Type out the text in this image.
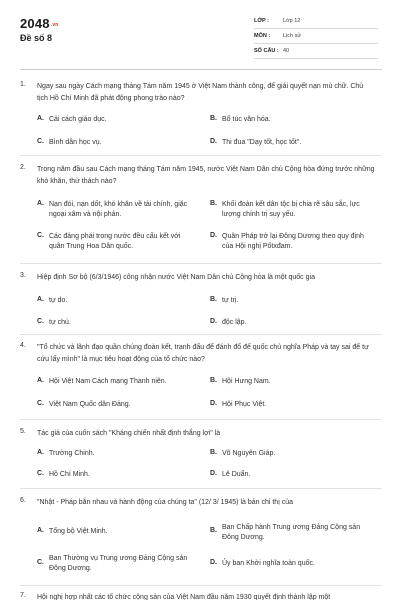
2048.vn
Đề số 8
LỚP :	Lớp 12
MÔN : Lịch sử
SỐ CÂU : 40
1. Ngay sau ngày Cách mạng tháng Tám năm 1945 ở Việt Nam thành công, để giải quyết nạn mù chữ. Chủ tịch Hồ Chí Minh đã phát động phong trào nào?
A. Cải cách giáo dục.	B. Bổ túc văn hóa.
C. Bình dân học vụ.	D. Thi đua "Dạy tốt, học tốt".
2. Trong năm đầu sau Cách mạng tháng Tám năm 1945, nước Việt Nam Dân chủ Cộng hòa đứng trước những khó khăn, thử thách nào?
A. Nạn đói, nạn dốt, khó khăn về tài chính, giặc ngoại xâm và nội phản.
B. Khối đoàn kết dân tộc bị chia rẽ sâu sắc, lực lượng chính trị suy yếu.
C. Các đảng phái trong nước đều cấu kết với quân Trung Hoa Dân quốc.
D. Quân Pháp trở lại Đông Dương theo quy định của Hội nghị Pốtxđam.
3. Hiệp định Sơ bộ (6/3/1946) công nhận nước Việt Nam Dân chủ Cộng hòa là một quốc gia
A. tự do.	B. tự trị.
C. tự chủ.	D. độc lập.
4. "Tổ chức và lãnh đạo quần chúng đoàn kết, tranh đấu để đánh đổ đế quốc chủ nghĩa Pháp và tay sai để tự cứu lấy mình" là mục tiêu hoạt động của tổ chức nào?
A. Hội Việt Nam Cách mạng Thanh niên.	B. Hội Hưng Nam.
C. Việt Nam Quốc dân Đảng.	D. Hội Phục Việt.
5. Tác giả của cuốn sách "Kháng chiến nhất định thắng lợi" là
A. Trường Chinh.	B. Võ Nguyên Giáp.
C. Hồ Chí Minh.	D. Lê Duẩn.
6. "Nhật - Pháp bắn nhau và hành động của chúng ta" (12/ 3/ 1945) là bản chỉ thị của
A. Tổng bộ Việt Minh.	B. Ban Chấp hành Trung ương Đảng Cộng sản Đông Dương.
C.
Ban Thường vụ Trung ương Đảng Cộng sản Đông Dương.
D. Ủy ban Khởi nghĩa toàn quốc.
7. Hội nghị hợp nhất các tổ chức cộng sản của Việt Nam đầu năm 1930 quyết định thành lập một
